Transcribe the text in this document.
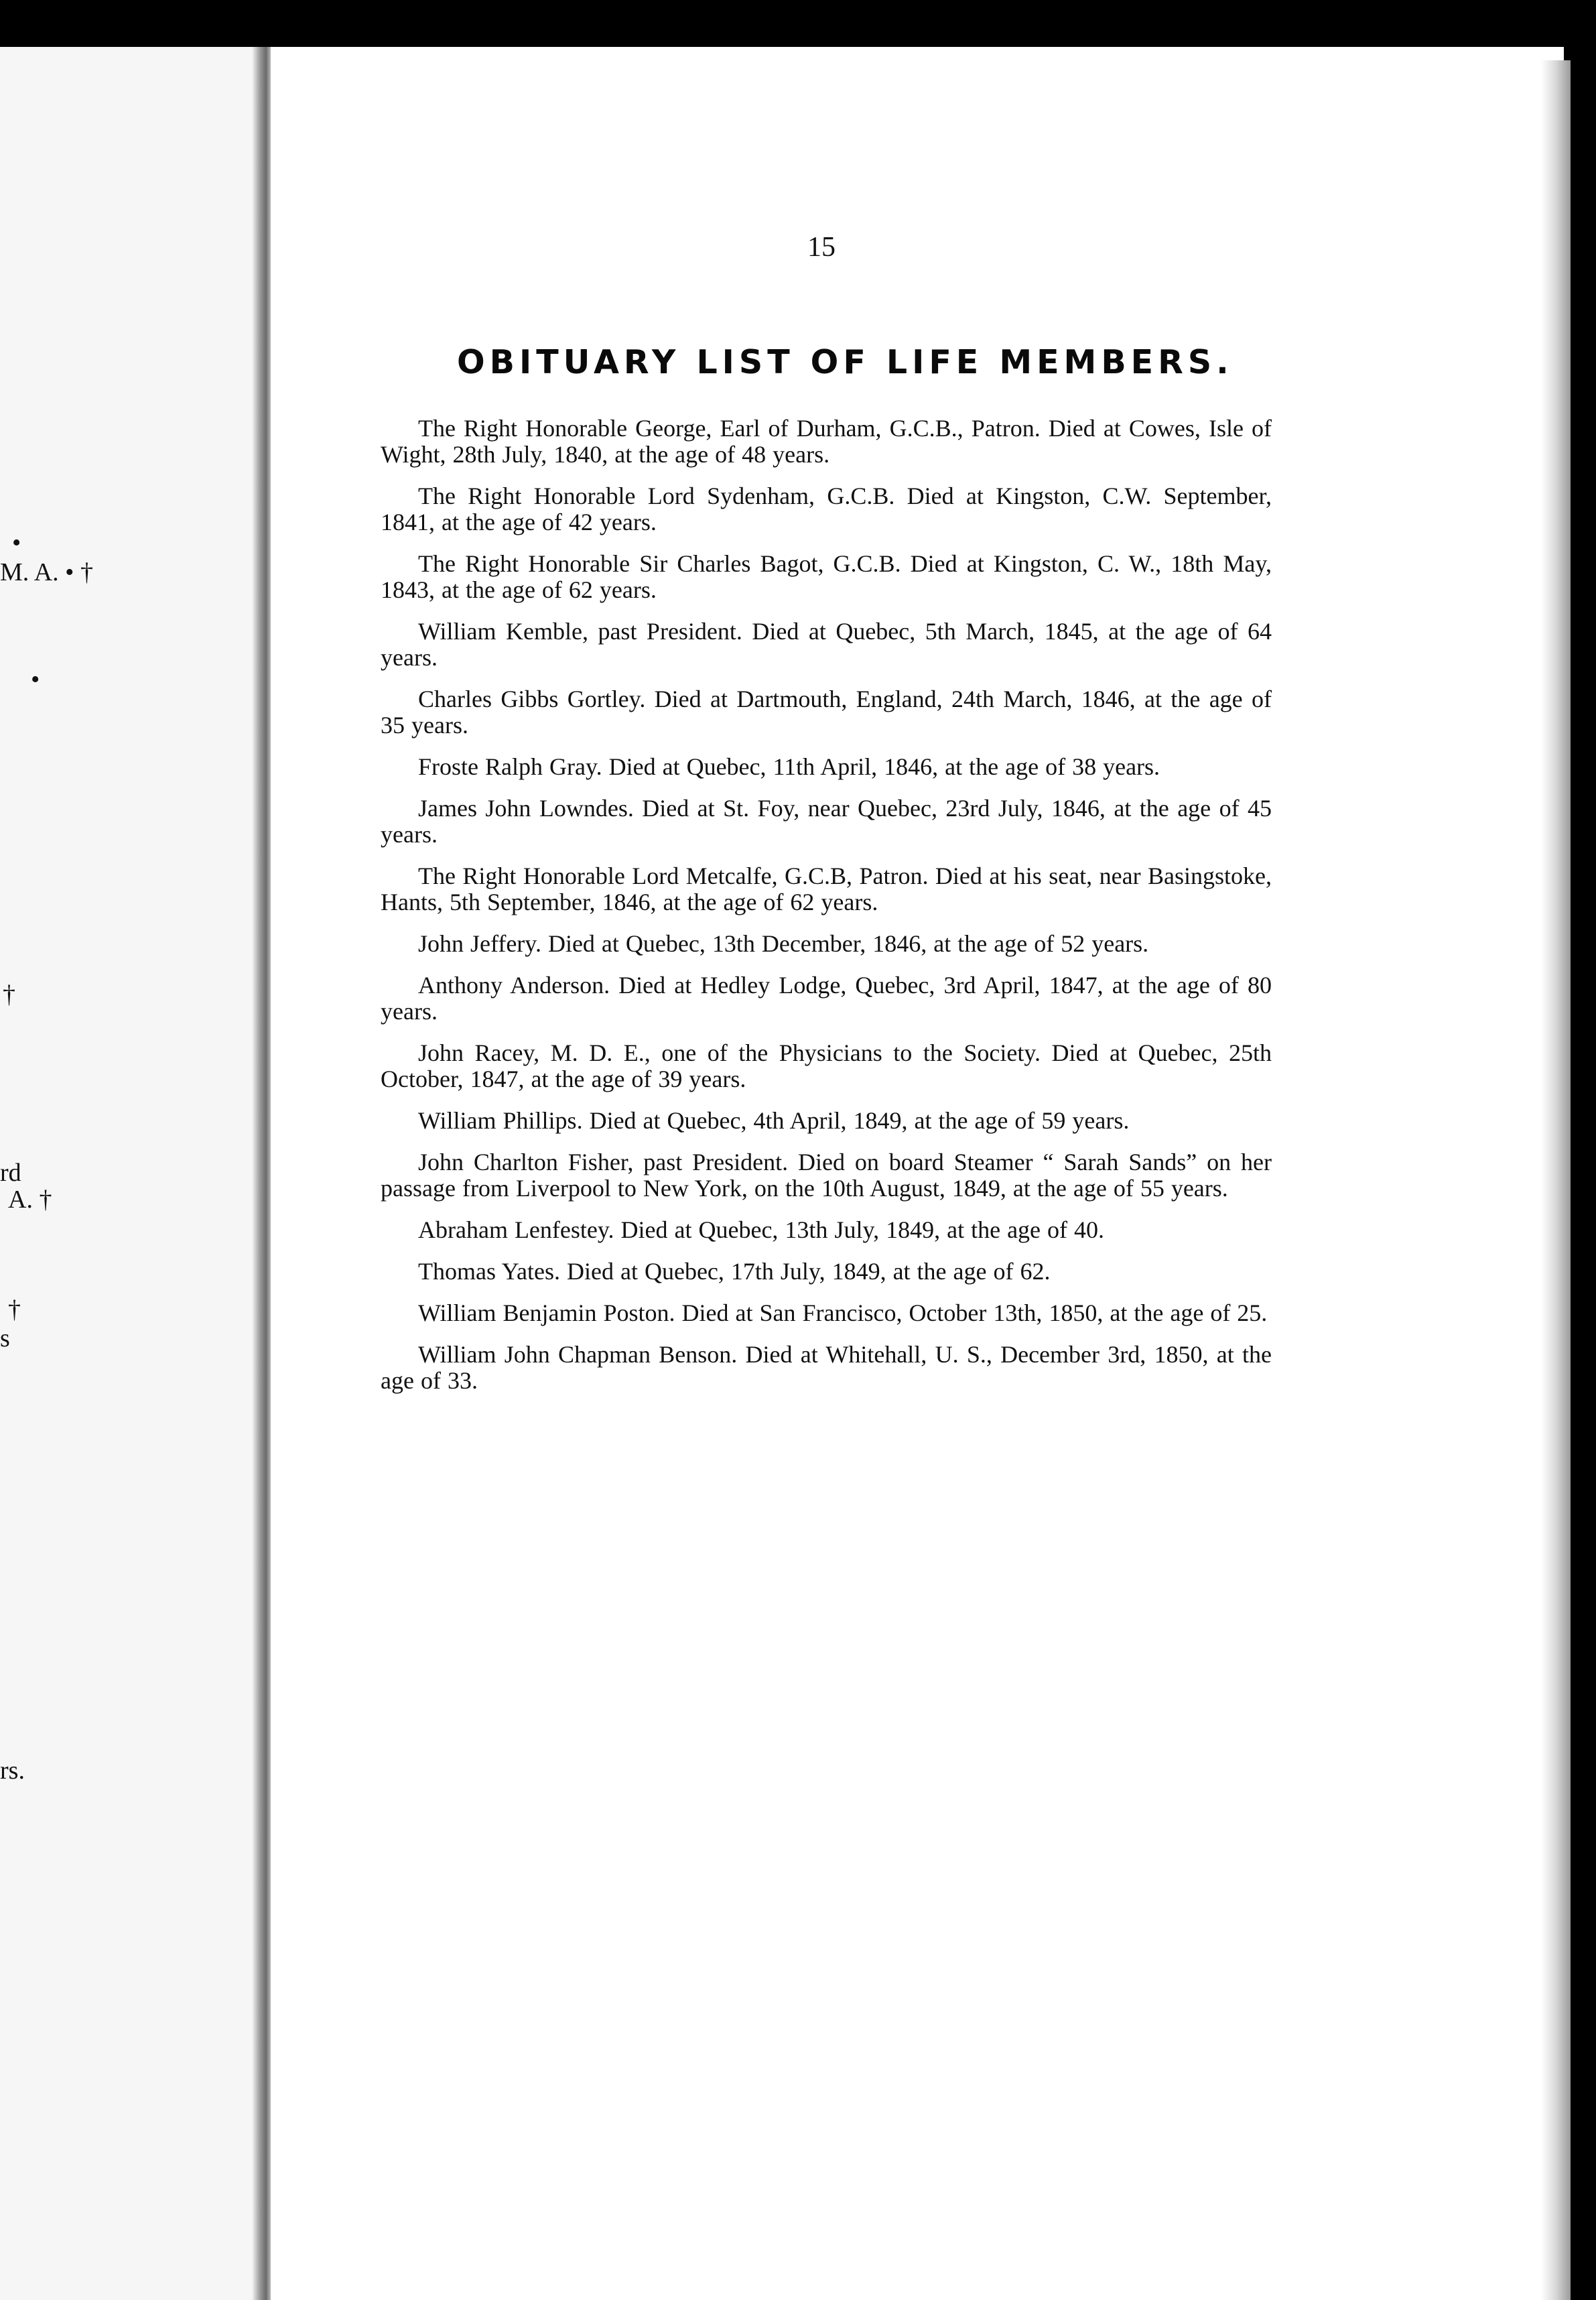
•
M. A. • †
•
†
rd
A. †
†
s
rs.
15
OBITUARY LIST OF LIFE MEMBERS.

The Right Honorable George, Earl of Durham, G.C.B., Patron. Died at Cowes, Isle of Wight, 28th July, 1840, at the age of 48 years.

The Right Honorable Lord Sydenham, G.C.B. Died at Kingston, C.W. September, 1841, at the age of 42 years.

The Right Honorable Sir Charles Bagot, G.C.B. Died at Kingston, C. W., 18th May, 1843, at the age of 62 years.

William Kemble, past President. Died at Quebec, 5th March, 1845, at the age of 64 years.

Charles Gibbs Gortley. Died at Dartmouth, England, 24th March, 1846, at the age of 35 years.

Froste Ralph Gray. Died at Quebec, 11th April, 1846, at the age of 38 years.

James John Lowndes. Died at St. Foy, near Quebec, 23rd July, 1846, at the age of 45 years.

The Right Honorable Lord Metcalfe, G.C.B, Patron. Died at his seat, near Basingstoke, Hants, 5th September, 1846, at the age of 62 years.

John Jeffery. Died at Quebec, 13th December, 1846, at the age of 52 years.

Anthony Anderson. Died at Hedley Lodge, Quebec, 3rd April, 1847, at the age of 80 years.

John Racey, M. D. E., one of the Physicians to the Society. Died at Quebec, 25th October, 1847, at the age of 39 years.

William Phillips. Died at Quebec, 4th April, 1849, at the age of 59 years.

John Charlton Fisher, past President. Died on board Steamer “ Sarah Sands” on her passage from Liverpool to New York, on the 10th August, 1849, at the age of 55 years.

Abraham Lenfestey. Died at Quebec, 13th July, 1849, at the age of 40.

Thomas Yates. Died at Quebec, 17th July, 1849, at the age of 62.

William Benjamin Poston. Died at San Francisco, October 13th, 1850, at the age of 25.

William John Chapman Benson. Died at Whitehall, U. S., December 3rd, 1850, at the age of 33.
